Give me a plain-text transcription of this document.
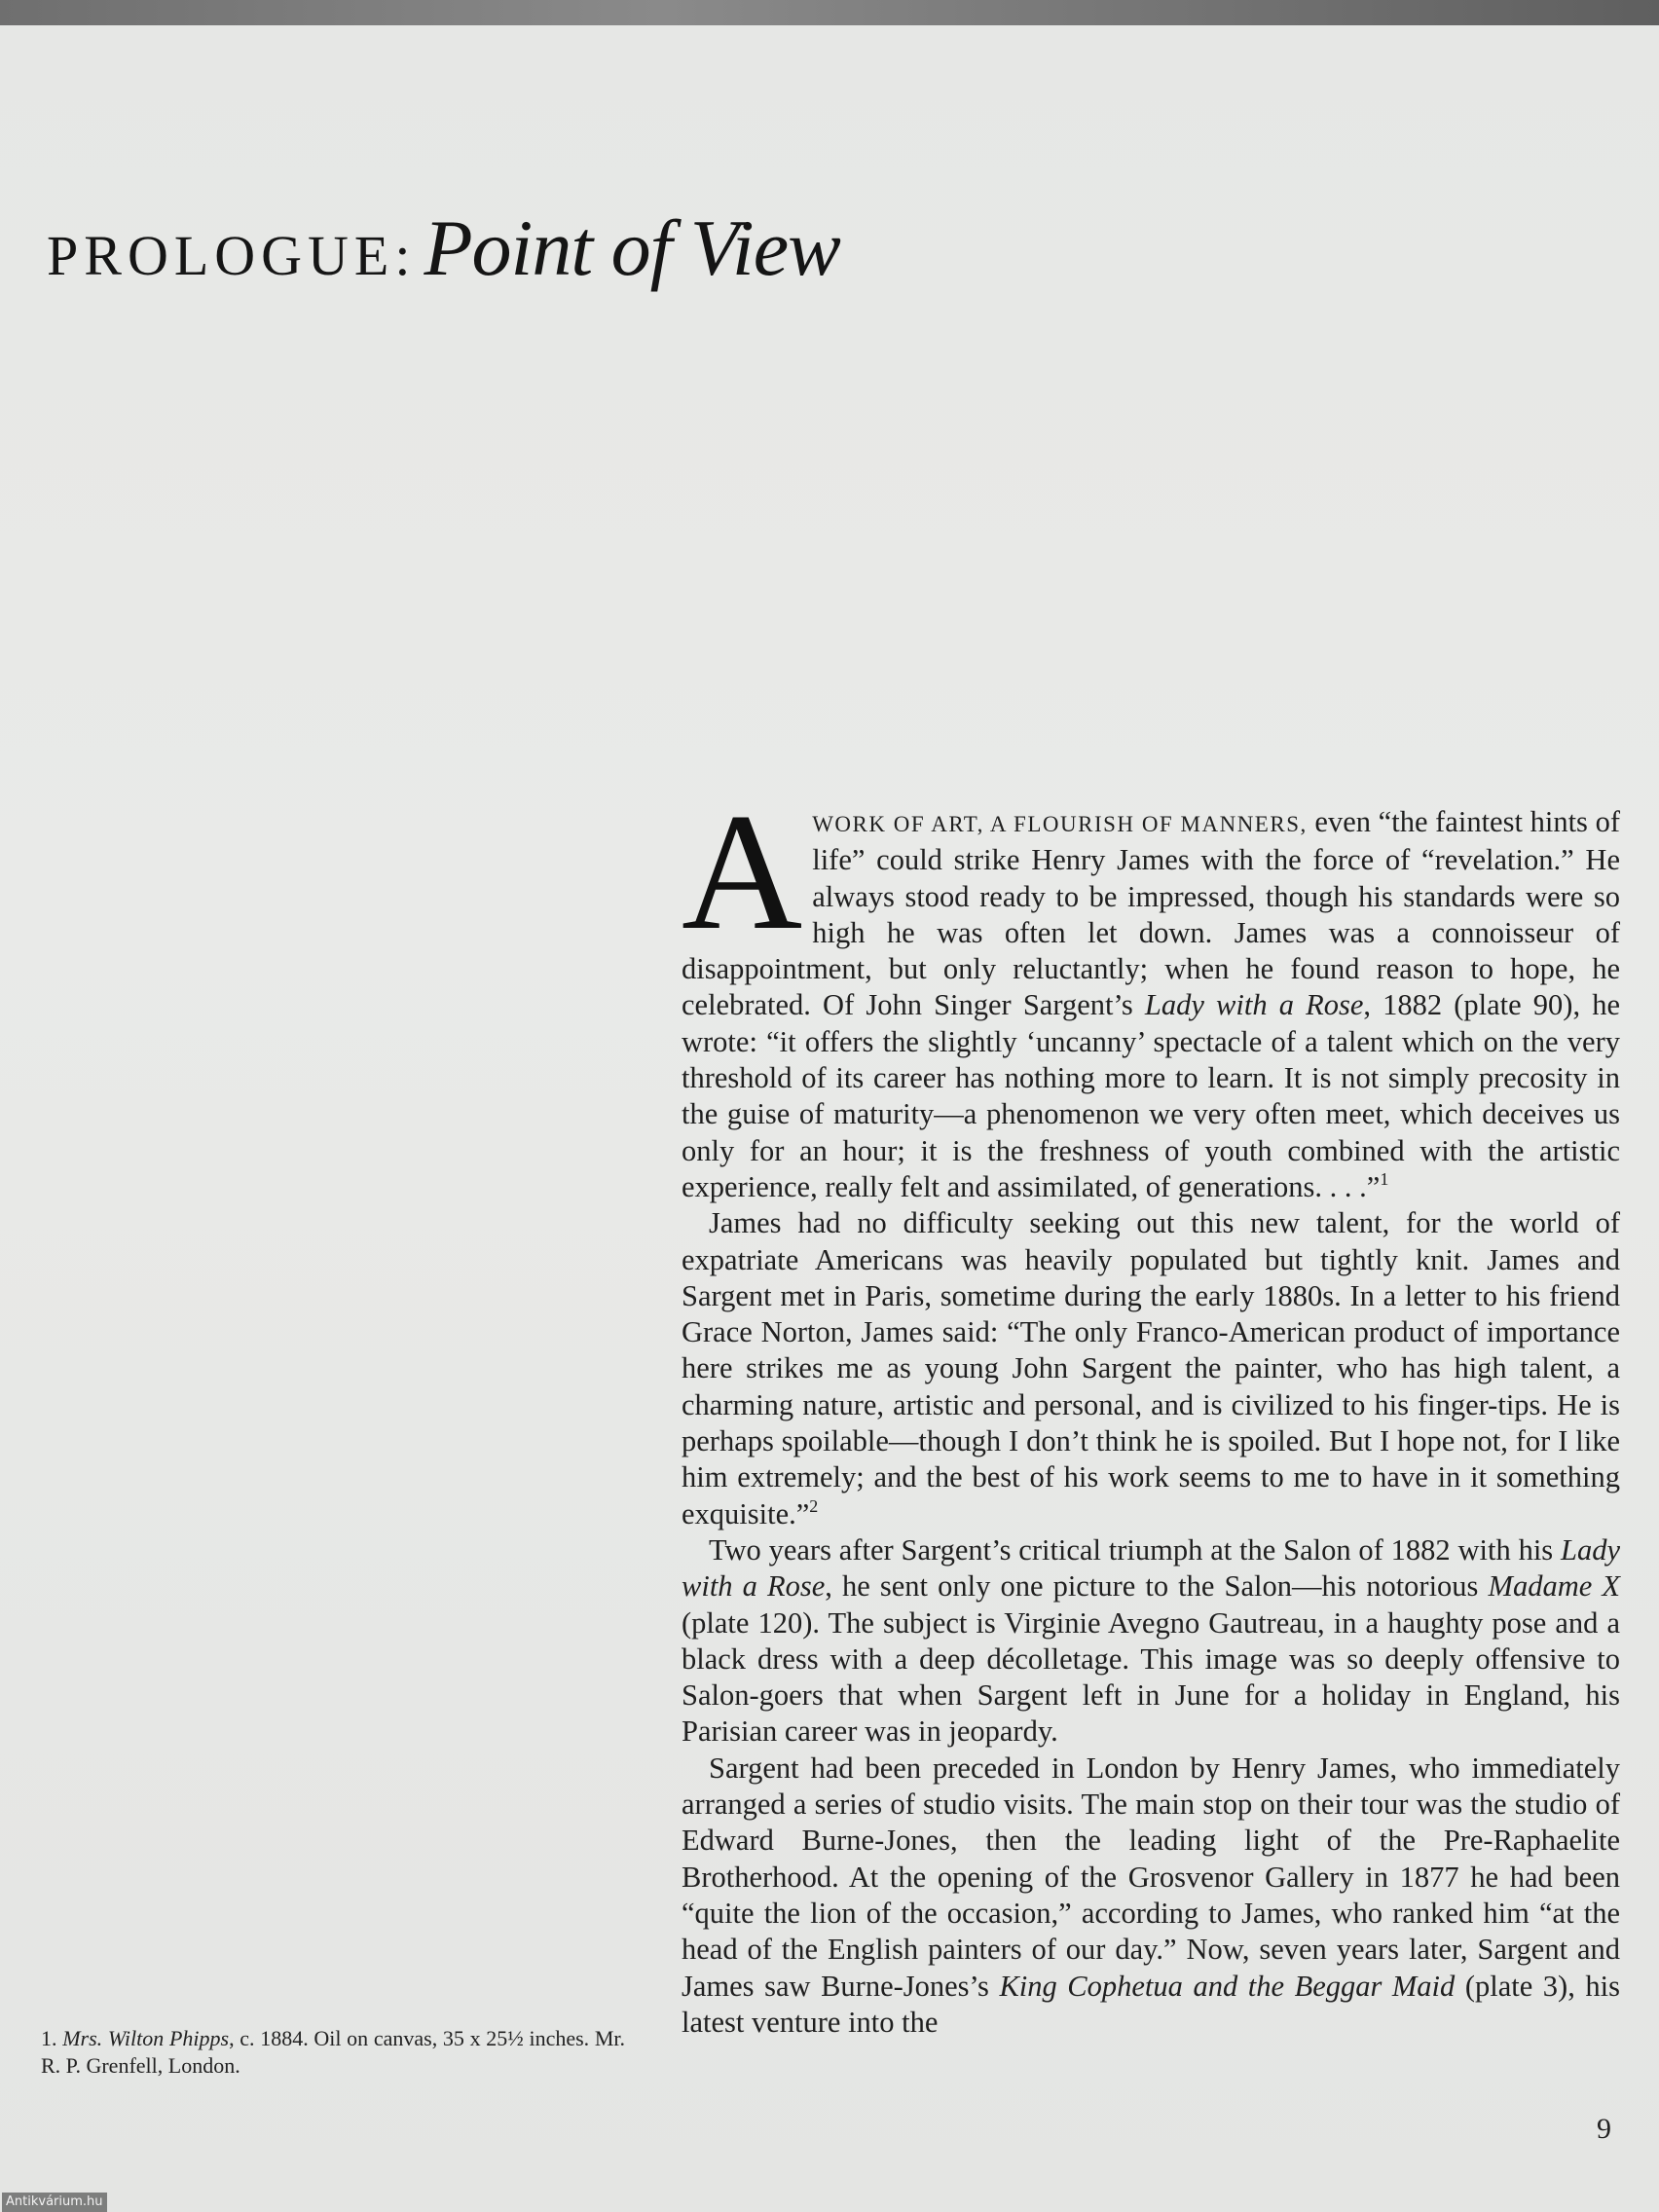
PROLOGUE: Point of View

AWORK OF ART, A FLOURISH OF MANNERS, even “the faintest hints of life” could strike Henry James with the force of “revelation.” He always stood ready to be impressed, though his standards were so high he was often let down. James was a connoisseur of disappointment, but only reluctantly; when he found reason to hope, he celebrated. Of John Singer Sargent’s Lady with a Rose, 1882 (plate 90), he wrote: “it offers the slightly ‘uncanny’ spectacle of a talent which on the very threshold of its career has nothing more to learn. It is not simply precosity in the guise of maturity—a phenomenon we very often meet, which deceives us only for an hour; it is the freshness of youth combined with the artistic experience, really felt and assimilated, of generations. . . .”$^1$

James had no difficulty seeking out this new talent, for the world of expatriate Americans was heavily populated but tightly knit. James and Sargent met in Paris, sometime during the early 1880s. In a letter to his friend Grace Norton, James said: “The only Franco-American product of importance here strikes me as young John Sargent the painter, who has high talent, a charming nature, artistic and personal, and is civilized to his finger-tips. He is perhaps spoilable—though I don’t think he is spoiled. But I hope not, for I like him extremely; and the best of his work seems to me to have in it something exquisite.”$^2$

Two years after Sargent’s critical triumph at the Salon of 1882 with his Lady with a Rose, he sent only one picture to the Salon—his notorious Madame X (plate 120). The subject is Virginie Avegno Gautreau, in a haughty pose and a black dress with a deep décolletage. This image was so deeply offensive to Salon-goers that when Sargent left in June for a holiday in England, his Parisian career was in jeopardy.

Sargent had been preceded in London by Henry James, who immediately arranged a series of studio visits. The main stop on their tour was the studio of Edward Burne-Jones, then the leading light of the Pre-Raphaelite Brotherhood. At the opening of the Grosvenor Gallery in 1877 he had been “quite the lion of the occasion,” according to James, who ranked him “at the head of the English painters of our day.” Now, seven years later, Sargent and James saw Burne-Jones’s King Cophetua and the Beggar Maid (plate 3), his latest venture into the

1. Mrs. Wilton Phipps, c. 1884. Oil on canvas, 35 x 25½ inches. Mr. R. P. Grenfell, London.
9
Antikvárium.hu
